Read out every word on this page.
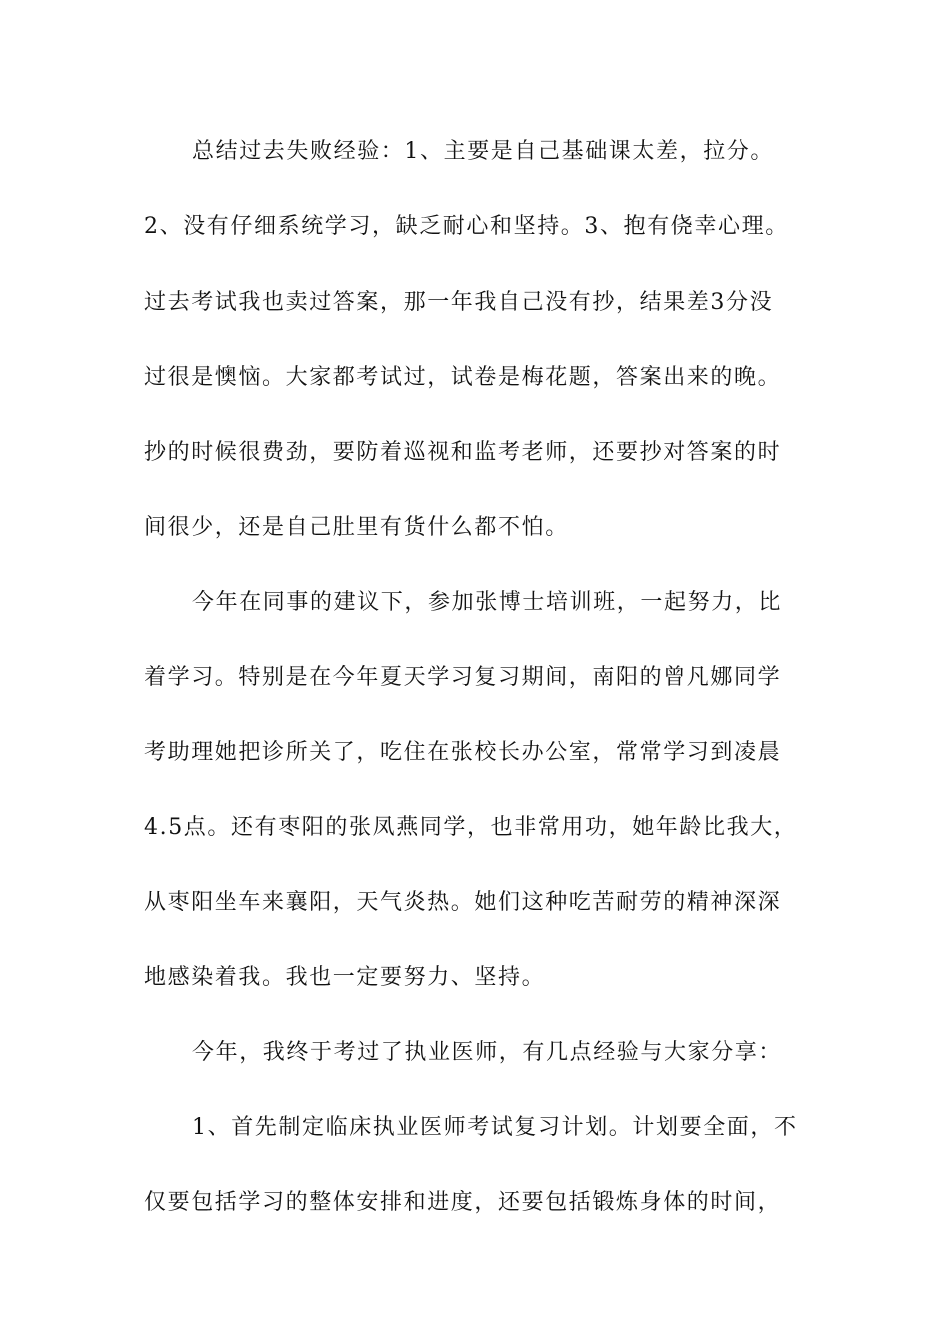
总结过去失败经验：1、主要是自己基础课太差，拉分。

2、没有仔细系统学习，缺乏耐心和坚持。3、抱有侥幸心理。

过去考试我也卖过答案，那一年我自己没有抄，结果差3分没

过很是懊恼。大家都考试过，试卷是梅花题，答案出来的晚。

抄的时候很费劲，要防着巡视和监考老师，还要抄对答案的时

间很少，还是自己肚里有货什么都不怕。

今年在同事的建议下，参加张博士培训班，一起努力，比

着学习。特别是在今年夏天学习复习期间，南阳的曾凡娜同学

考助理她把诊所关了，吃住在张校长办公室，常常学习到凌晨

4.5点。还有枣阳的张凤燕同学，也非常用功，她年龄比我大，

从枣阳坐车来襄阳，天气炎热。她们这种吃苦耐劳的精神深深

地感染着我。我也一定要努力、坚持。

今年，我终于考过了执业医师，有几点经验与大家分享：

1、首先制定临床执业医师考试复习计划。计划要全面，不

仅要包括学习的整体安排和进度，还要包括锻炼身体的时间，
